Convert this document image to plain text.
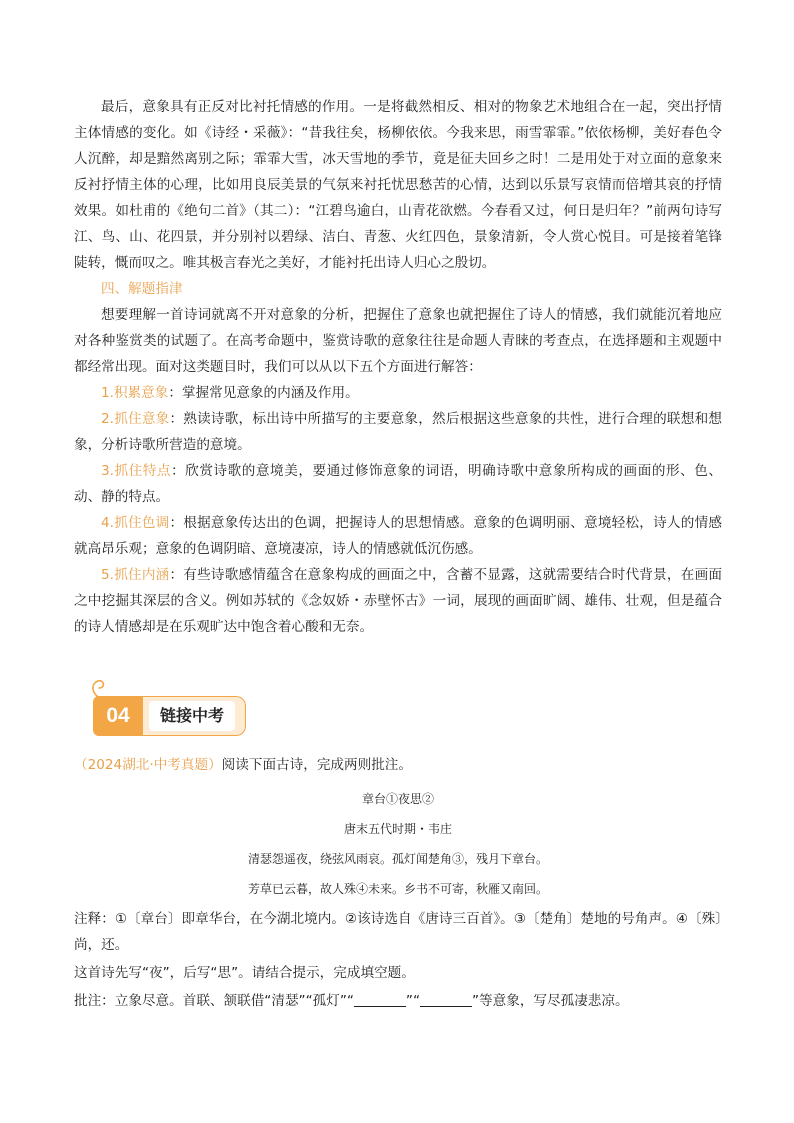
最后，意象具有正反对比衬托情感的作用。一是将截然相反、相对的物象艺术地组合在一起，突出抒情主体情感的变化。如《诗经・采薇》：“昔我往矣，杨柳依依。今我来思，雨雪霏霏。”依依杨柳，美好春色令人沉醉，却是黯然离别之际；霏霏大雪，冰天雪地的季节，竟是征夫回乡之时！二是用处于对立面的意象来反衬抒情主体的心理，比如用良辰美景的气氛来衬托忧思愁苦的心情，达到以乐景写哀情而倍增其哀的抒情效果。如杜甫的《绝句二首》（其二）：“江碧鸟逾白，山青花欲燃。今春看又过，何日是归年？”前两句诗写江、鸟、山、花四景，并分别衬以碧绿、洁白、青葱、火红四色，景象清新，令人赏心悦目。可是接着笔锋陡转，慨而叹之。唯其极言春光之美好，才能衬托出诗人归心之殷切。

四、解题指津

想要理解一首诗词就离不开对意象的分析，把握住了意象也就把握住了诗人的情感，我们就能沉着地应对各种鉴赏类的试题了。在高考命题中，鉴赏诗歌的意象往往是命题人青睐的考查点，在选择题和主观题中都经常出现。面对这类题目时，我们可以从以下五个方面进行解答：

1.积累意象：掌握常见意象的内涵及作用。

2.抓住意象：熟读诗歌，标出诗中所描写的主要意象，然后根据这些意象的共性，进行合理的联想和想象，分析诗歌所营造的意境。

3.抓住特点：欣赏诗歌的意境美，要通过修饰意象的词语，明确诗歌中意象所构成的画面的形、色、动、静的特点。

4.抓住色调：根据意象传达出的色调，把握诗人的思想情感。意象的色调明丽、意境轻松，诗人的情感就高昂乐观；意象的色调阴暗、意境凄凉，诗人的情感就低沉伤感。

5.抓住内涵：有些诗歌感情蕴含在意象构成的画面之中，含蓄不显露，这就需要结合时代背景，在画面之中挖掘其深层的含义。例如苏轼的《念奴娇・赤壁怀古》一词，展现的画面旷阔、雄伟、壮观，但是蕴合的诗人情感却是在乐观旷达中饱含着心酸和无奈。

04	链接中考

（2024湖北·中考真题）阅读下面古诗，完成两则批注。

章台①夜思②
唐末五代时期・韦庄
清瑟怨遥夜，绕弦风雨哀。孤灯闻楚角③，残月下章台。
芳草已云暮，故人殊④未来。乡书不可寄，秋雁又南回。

注释：①〔章台〕即章华台，在今湖北境内。②该诗选自《唐诗三百首》。③〔楚角〕楚地的号角声。④〔殊〕尚，还。

这首诗先写“夜”，后写“思”。请结合提示，完成填空题。

批注：立象尽意。首联、颔联借“清瑟”“孤灯”“	”“	”等意象，写尽孤凄悲凉。
